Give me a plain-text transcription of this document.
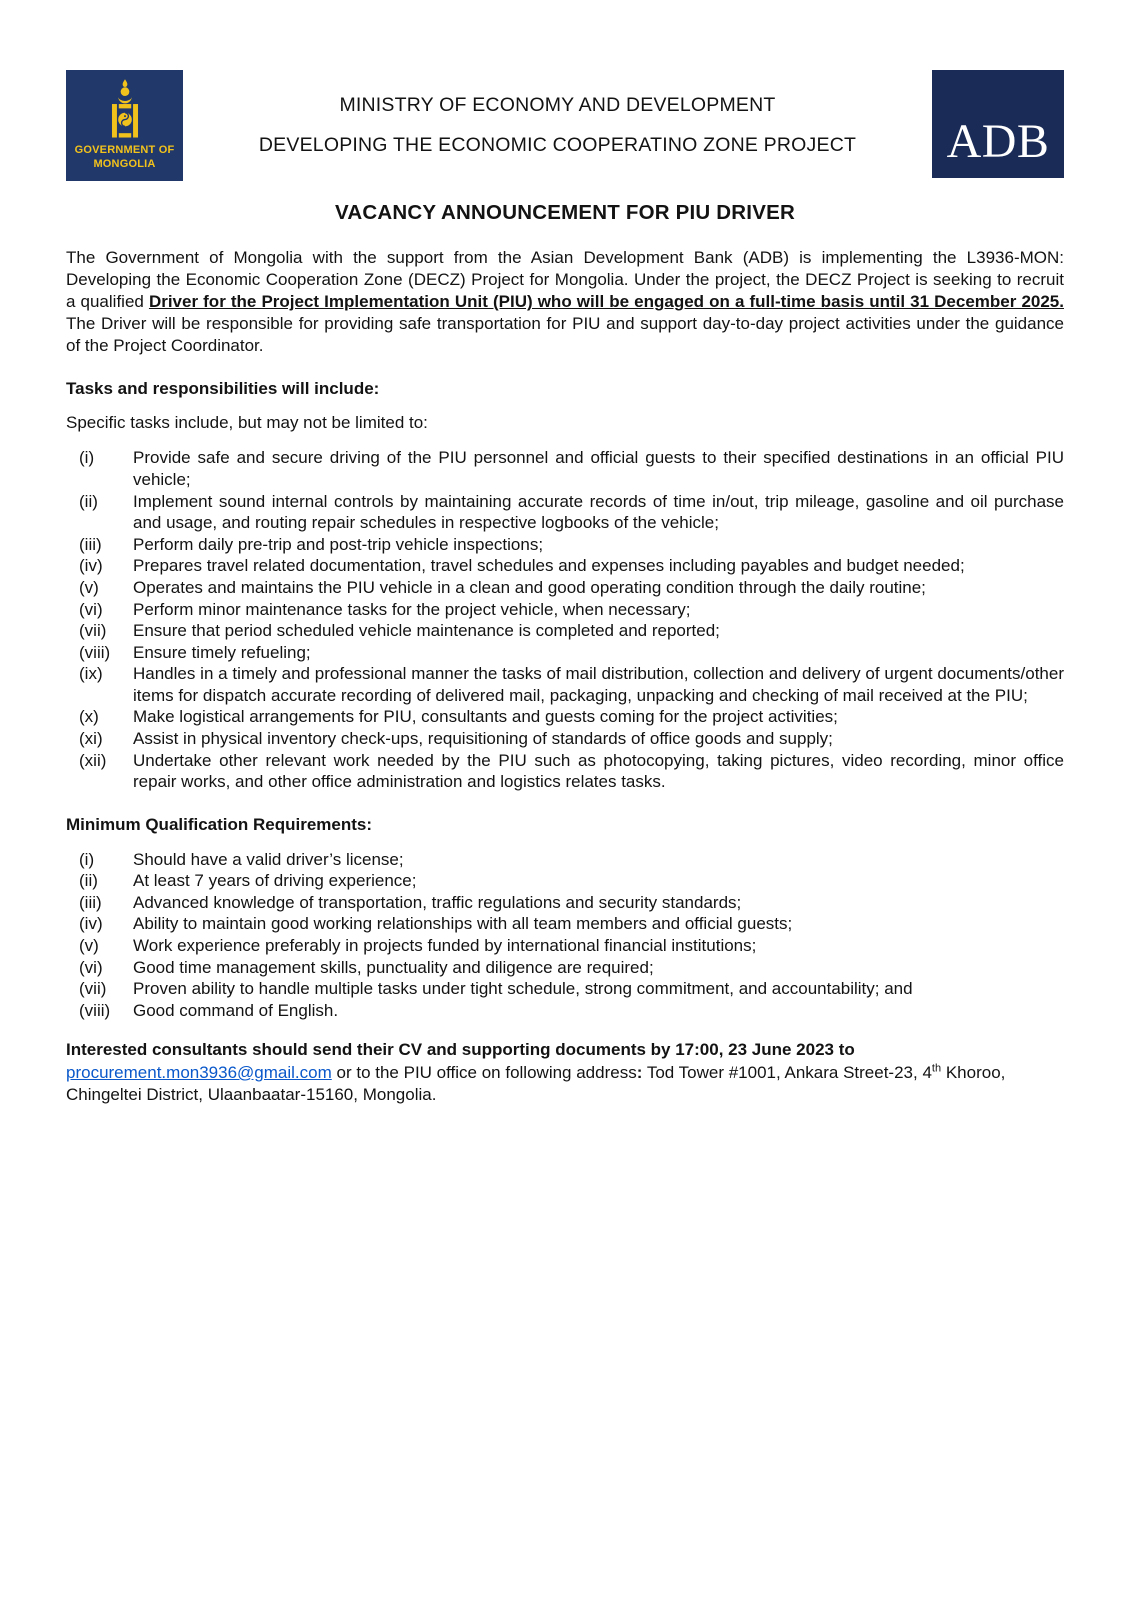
GOVERNMENT OF
MONGOLIA
MINISTRY OF ECONOMY AND DEVELOPMENT
DEVELOPING THE ECONOMIC COOPERATINO ZONE PROJECT	ADB
VACANCY ANNOUNCEMENT FOR PIU DRIVER
The Government of Mongolia with the support from the Asian Development Bank (ADB) is implementing the L3936-MON: Developing the Economic Cooperation Zone (DECZ) Project for Mongolia. Under the project, the DECZ Project is seeking to recruit a qualified Driver for the Project Implementation Unit (PIU) who will be engaged on a full-time basis until 31 December 2025. The Driver will be responsible for providing safe transportation for PIU and support day-to-day project activities under the guidance of the Project Coordinator.
Tasks and responsibilities will include:
Specific tasks include, but may not be limited to:
(i)	Provide safe and secure driving of the PIU personnel and official guests to their specified destinations in an official PIU vehicle;
(ii)	Implement sound internal controls by maintaining accurate records of time in/out, trip mileage, gasoline and oil purchase and usage, and routing repair schedules in respective logbooks of the vehicle;
(iii)	Perform daily pre-trip and post-trip vehicle inspections;
(iv)	Prepares travel related documentation, travel schedules and expenses including payables and budget needed;
(v)	Operates and maintains the PIU vehicle in a clean and good operating condition through the daily routine;
(vi)	Perform minor maintenance tasks for the project vehicle, when necessary;
(vii)	Ensure that period scheduled vehicle maintenance is completed and reported;
(viii)	Ensure timely refueling;
(ix)	Handles in a timely and professional manner the tasks of mail distribution, collection and delivery of urgent documents/other items for dispatch accurate recording of delivered mail, packaging, unpacking and checking of mail received at the PIU;
(x)	Make logistical arrangements for PIU, consultants and guests coming for the project activities;
(xi)	Assist in physical inventory check-ups, requisitioning of standards of office goods and supply;
(xii)	Undertake other relevant work needed by the PIU such as photocopying, taking pictures, video recording, minor office repair works, and other office administration and logistics relates tasks.
Minimum Qualification Requirements:
(i)	Should have a valid driver’s license;
(ii)	At least 7 years of driving experience;
(iii)	Advanced knowledge of transportation, traffic regulations and security standards;
(iv)	Ability to maintain good working relationships with all team members and official guests;
(v)	Work experience preferably in projects funded by international financial institutions;
(vi)	Good time management skills, punctuality and diligence are required;
(vii)	Proven ability to handle multiple tasks under tight schedule, strong commitment, and accountability; and
(viii)	Good command of English.
Interested consultants should send their CV and supporting documents by 17:00, 23 June 2023 to procurement.mon3936@gmail.com or to the PIU office on following address: Tod Tower #1001, Ankara Street-23, 4th Khoroo, Chingeltei District, Ulaanbaatar-15160, Mongolia.
